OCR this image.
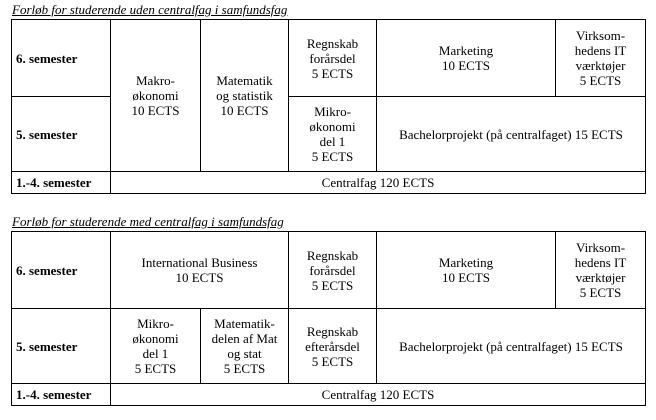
Forløb for studerende uden centralfag i samfundsfag
6. semester	Makro-
økonomi
10 ECTS	Matematik
og statistik
10 ECTS	Regnskab
forårsdel
5 ECTS	Marketing
10 ECTS	Virksom-
hedens IT
værktøjer
5 ECTS
5. semester			Mikro-
økonomi
del 1
5 ECTS	Bachelorprojekt (på centralfaget) 15 ECTS	
1.-4. semester	Centralfag 120 ECTS				
Forløb for studerende med centralfag i samfundsfag
6. semester	International Business
10 ECTS		Regnskab
forårsdel
5 ECTS	Marketing
10 ECTS	Virksom-
hedens IT
værktøjer
5 ECTS
5. semester	Mikro-
økonomi
del 1
5 ECTS	Matematik-
delen af Mat
og stat
5 ECTS	Regnskab
efterårsdel
5 ECTS	Bachelorprojekt (på centralfaget) 15 ECTS	
1.-4. semester	Centralfag 120 ECTS				
